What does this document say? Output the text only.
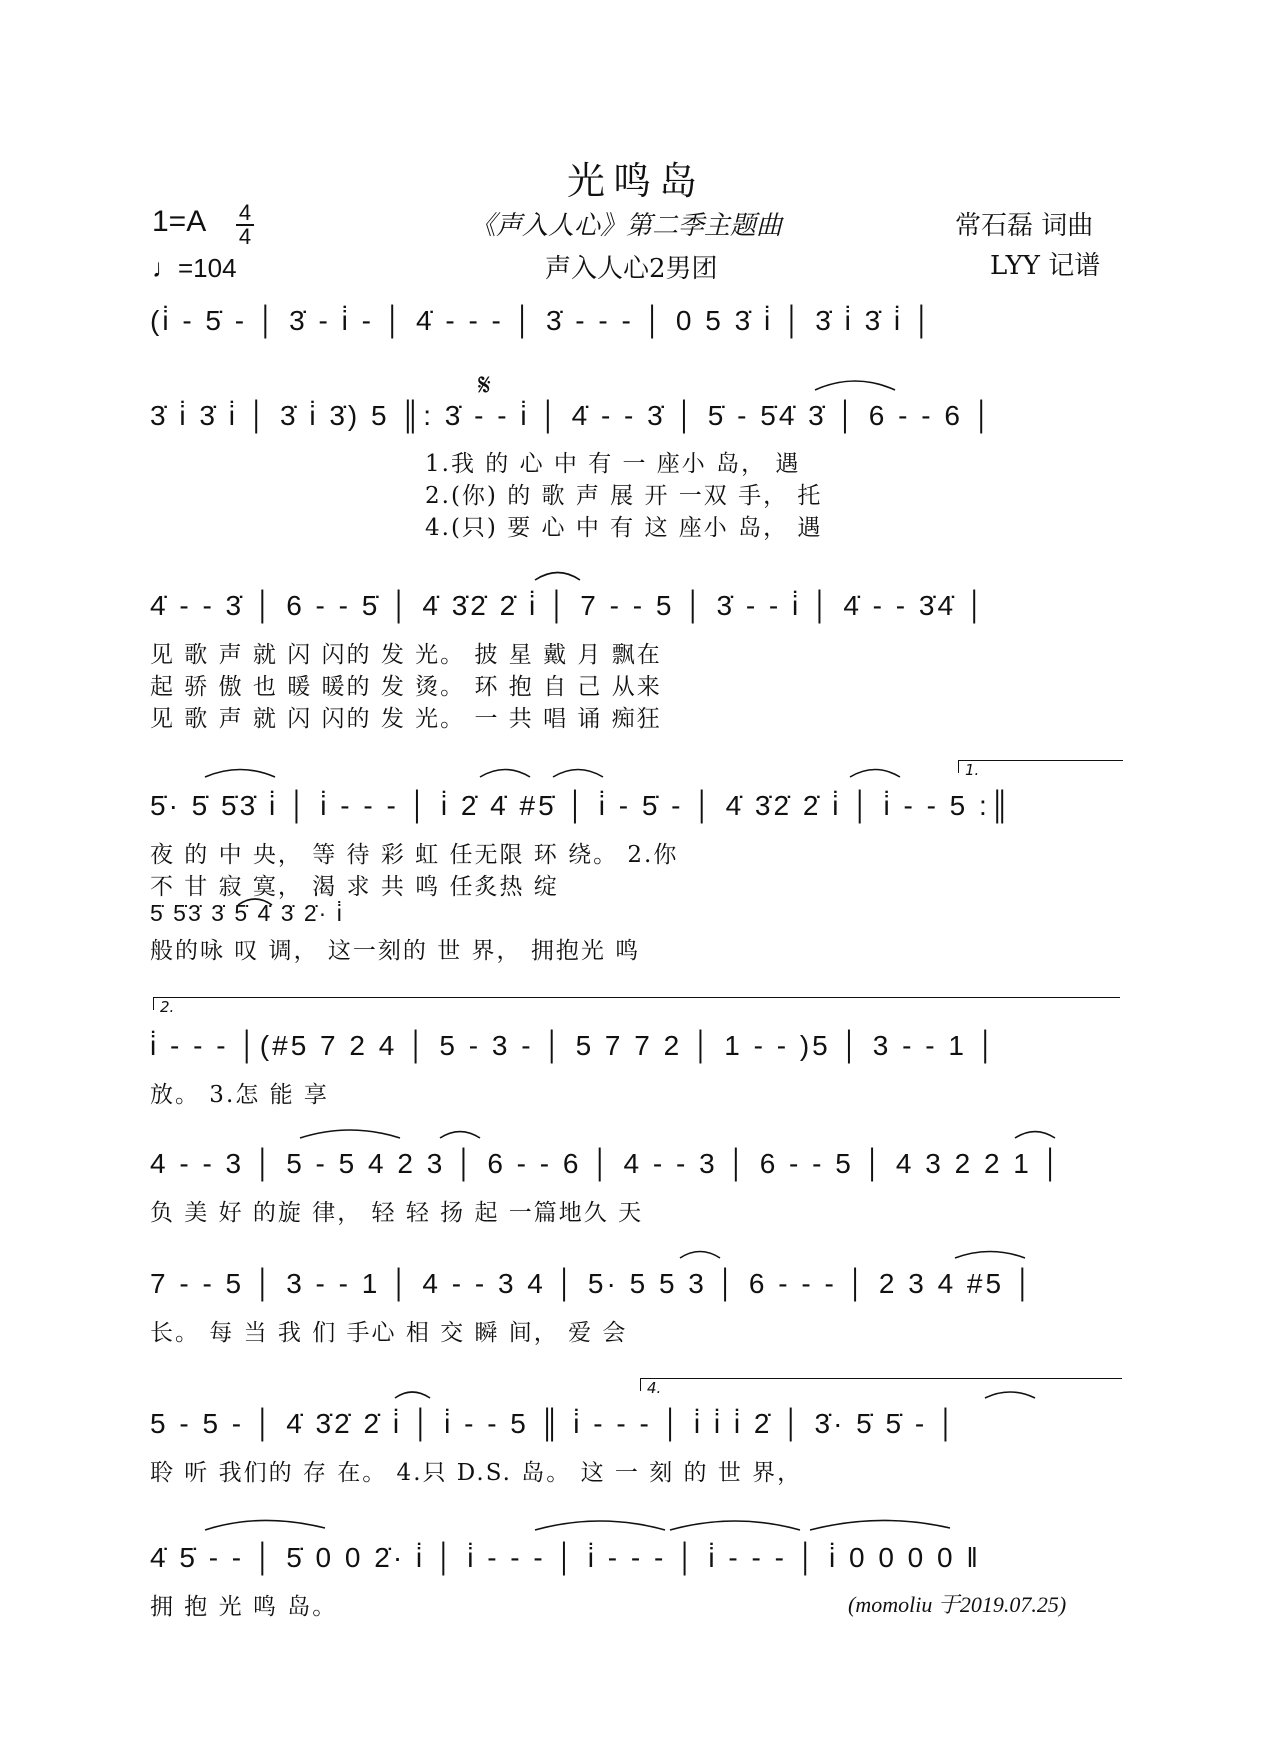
光鸣岛
1=A 4
4
♩=104
《声入人心》第二季主题曲
声入人心2男团
常石磊 词曲
LYY 记谱
(i̇ - 5̇ - │ 3̇ - i̇ - │ 4̇ - - - │ 3̇ - - - │ 0 5 3̇ i̇ │ 3̇ i̇ 3̇ i̇ │
𝄋
3̇ i̇ 3̇ i̇ │ 3̇ i̇ 3̇) 5 ║: 3̇ - - i̇ │ 4̇ - - 3̇ │ 5̇ - 5̇4̇ 3̇ │ 6 - - 6 │
1.我 的 心 中 有 一 座小 岛， 遇
2.(你) 的 歌 声 展 开 一双 手， 托
4.(只) 要 心 中 有 这 座小 岛， 遇
4̇ - - 3̇ │ 6 - - 5̇ │ 4̇ 3̇2̇ 2̇ i̇ │ 7 - - 5 │ 3̇ - - i̇ │ 4̇ - - 3̇4̇ │
见 歌 声 就 闪 闪的 发 光。 披 星 戴 月 飘在
起 骄 傲 也 暖 暖的 发 烫。 环 抱 自 己 从来
见 歌 声 就 闪 闪的 发 光。 一 共 唱 诵 痴狂
1.
5̇· 5̇ 5̇3̇ i̇ │ i̇ - - - │ i̇ 2̇ 4̇ #5̇ │ i̇ - 5̇ - │ 4̇ 3̇2̇ 2̇ i̇ │ i̇ - - 5 :║
夜 的 中 央， 等 待 彩 虹 任无限 环 绕。 2.你
不 甘 寂 寞， 渴 求 共 鸣 任炙热 绽
5̇ 5̇3̇ 3̇ 5̇ 4̇ 3̇ 2̇· i̇
般的咏 叹 调， 这一刻的 世 界， 拥抱光 鸣
2.
i̇ - - - │(#5 7 2 4 │ 5 - 3 - │ 5 7 7 2 │ 1 - - )5 │ 3 - - 1 │
放。 3.怎 能 享
4 - - 3 │ 5 - 5 4 2 3 │ 6 - - 6 │ 4 - - 3 │ 6 - - 5 │ 4 3 2 2 1 │
负 美 好 的旋 律， 轻 轻 扬 起 一篇地久 天
7 - - 5 │ 3 - - 1 │ 4 - - 3 4 │ 5· 5 5 3 │ 6 - - - │ 2 3 4 #5 │
长。 每 当 我 们 手心 相 交 瞬 间， 爱 会
4.
5 - 5 - │ 4̇ 3̇2̇ 2̇ i̇ │ i̇ - - 5 ║ i̇ - - - │ i̇ i̇ i̇ 2̇ │ 3̇· 5̇ 5̇ - │
聆 听 我们的 存 在。 4.只 D.S. 岛。 这 一 刻 的 世 界，
4̇ 5̇ - - │ 5̇ 0 0 2̇· i̇ │ i̇ - - - │ i̇ - - - │ i̇ - - - │ i̇ 0 0 0 0 ‖
拥 抱 光 鸣 岛。	(momoliu 于2019.07.25)
